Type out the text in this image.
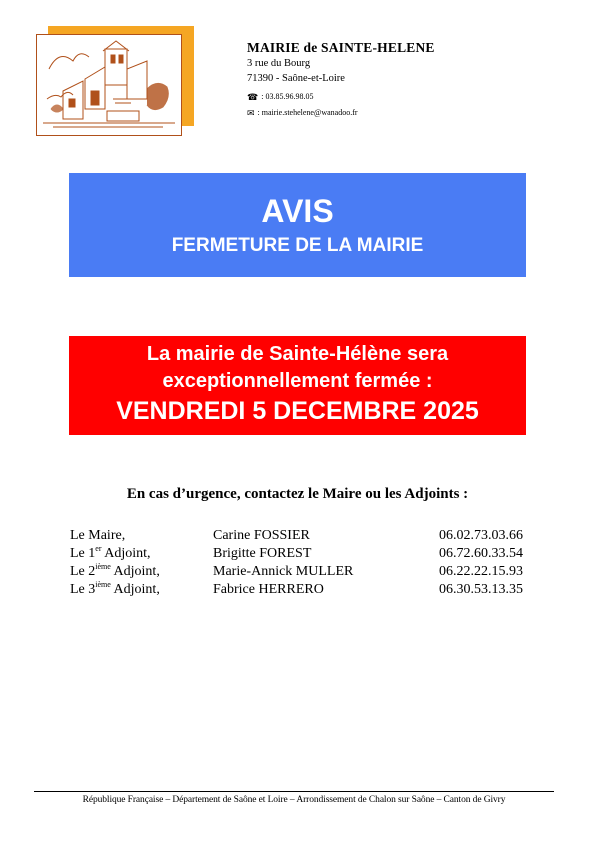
MAIRIE de SAINTE-HELENE
3 rue du Bourg
71390 - Saône-et-Loire
☎ : 03.85.96.98.05
✉ : mairie.stehelene@wanadoo.fr
AVIS
FERMETURE DE LA MAIRIE
La mairie de Sainte-Hélène sera
exceptionnellement fermée :
VENDREDI 5 DECEMBRE 2025
En cas d’urgence, contactez le Maire ou les Adjoints :
Le Maire,	Carine FOSSIER	06.02.73.03.66
Le 1er Adjoint,	Brigitte FOREST	06.72.60.33.54
Le 2ième Adjoint,	Marie-Annick MULLER	06.22.22.15.93
Le 3ième Adjoint,	Fabrice HERRERO	06.30.53.13.35
République Française – Département de Saône et Loire – Arrondissement de Chalon sur Saône – Canton de Givry
